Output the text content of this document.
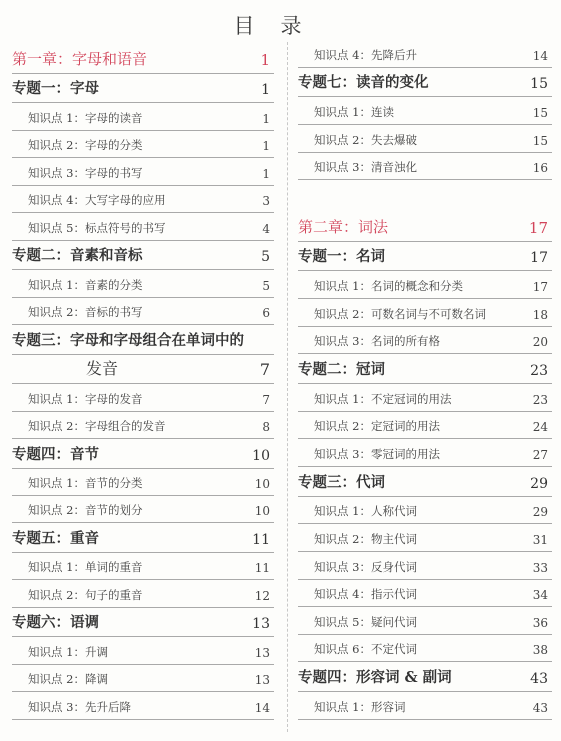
目录
第一章：字母和语音	1
专题一：字母	1
知识点 1：字母的读音	1
知识点 2：字母的分类	1
知识点 3：字母的书写	1
知识点 4：大写字母的应用	3
知识点 5：标点符号的书写	4
专题二：音素和音标	5
知识点 1：音素的分类	5
知识点 2：音标的书写	6
专题三：字母和字母组合在单词中的
发音	7
知识点 1：字母的发音	7
知识点 2：字母组合的发音	8
专题四：音节	10
知识点 1：音节的分类	10
知识点 2：音节的划分	10
专题五：重音	11
知识点 1：单词的重音	11
知识点 2：句子的重音	12
专题六：语调	13
知识点 1：升调	13
知识点 2：降调	13
知识点 3：先升后降	14
知识点 4：先降后升	14
专题七：读音的变化	15
知识点 1：连读	15
知识点 2：失去爆破	15
知识点 3：清音浊化	16
第二章：词法	17
专题一：名词	17
知识点 1：名词的概念和分类	17
知识点 2：可数名词与不可数名词	18
知识点 3：名词的所有格	20
专题二：冠词	23
知识点 1：不定冠词的用法	23
知识点 2：定冠词的用法	24
知识点 3：零冠词的用法	27
专题三：代词	29
知识点 1：人称代词	29
知识点 2：物主代词	31
知识点 3：反身代词	33
知识点 4：指示代词	34
知识点 5：疑问代词	36
知识点 6：不定代词	38
专题四：形容词 & 副词	43
知识点 1：形容词	43
